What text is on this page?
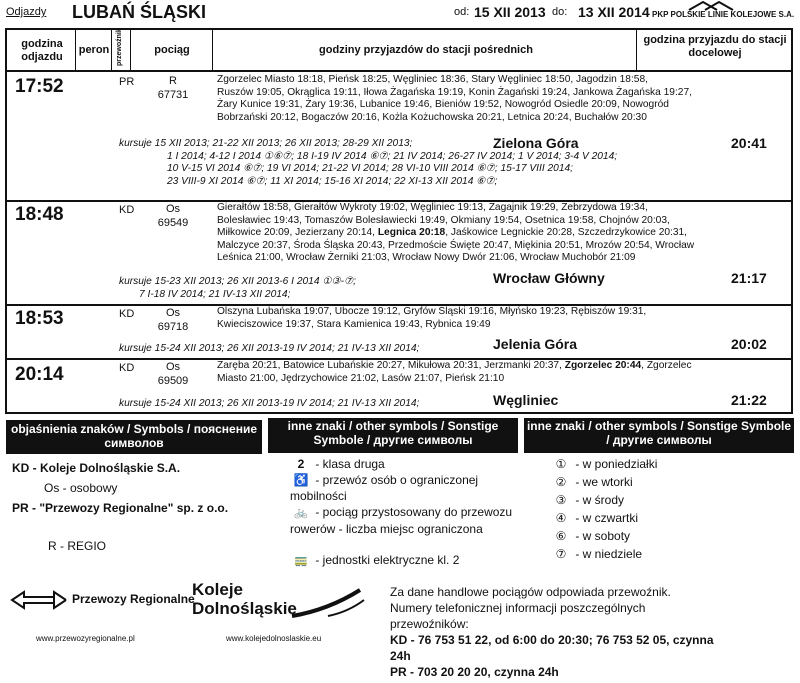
Odjazdy LUBAŃ ŚLĄSKI	od: 15 XII 2013 do: 13 XII 2014 PKP POLSKIE LINIE KOLEJOWE S.A.
godzina odjazdu
peron przewoźnik	pociąg	godziny przyjazdów do stacji pośrednich
godzina przyjazdu do stacji docelowej
17:52	PR	R
67731
Zgorzelec Miasto 18:18, Pieńsk 18:25, Węgliniec 18:36, Stary Węgliniec 18:50, Jagodzin 18:58,
Ruszów 19:05, Okrąglica 19:11, Iłowa Żagańska 19:19, Konin Żagański 19:24, Jankowa Żagańska 19:27,
Żary Kunice 19:31, Żary 19:36, Lubanice 19:46, Bieniów 19:52, Nowogród Osiedle 20:09, Nowogród
Bobrzański 20:12, Bogaczów 20:16, Kożla Kożuchowska 20:21, Letnica 20:24, Buchałów 20:30
kursuje 15 XII 2013; 21-22 XII 2013; 26 XII 2013; 28-29 XII 2013;
1 I 2014; 4-12 I 2014 ①⑥⑦; 18 I-19 IV 2014 ⑥⑦; 21 IV 2014; 26-27 IV 2014; 1 V 2014; 3-4 V 2014;
10 V-15 VI 2014 ⑥⑦; 19 VI 2014; 21-22 VI 2014; 28 VI-10 VIII 2014 ⑥⑦; 15-17 VIII 2014;
23 VIII-9 XI 2014 ⑥⑦; 11 XI 2014; 15-16 XI 2014; 22 XI-13 XII 2014 ⑥⑦;
Zielona Góra	20:41
18:48	KD	Os
69549
Gierałtów 18:58, Gierałtów Wykroty 19:02, Węgliniec 19:13, Zagajnik 19:29, Zebrzydowa 19:34,
Bolesławiec 19:43, Tomaszów Bolesławiecki 19:49, Okmiany 19:54, Osetnica 19:58, Chojnów 20:03,
Miłkowice 20:09, Jezierzany 20:14, Legnica 20:18, Jaśkowice Legnickie 20:28, Szczedrzykowice 20:31,
Malczyce 20:37, Środa Śląska 20:43, Przedmoście Święte 20:47, Miękinia 20:51, Mrozów 20:54, Wrocław
Leśnica 21:00, Wrocław Żerniki 21:03, Wrocław Nowy Dwór 21:06, Wrocław Muchobór 21:09
kursuje 15-23 XII 2013; 26 XII 2013-6 I 2014 ①③-⑦;
7 I-18 IV 2014; 21 IV-13 XII 2014;
Wrocław Główny	21:17
18:53	KD	Os
69718
Olszyna Lubańska 19:07, Ubocze 19:12, Gryfów Śląski 19:16, Młyńsko 19:23, Rębiszów 19:31,
Kwieciszowice 19:37, Stara Kamienica 19:43, Rybnica 19:49
kursuje 15-24 XII 2013; 26 XII 2013-19 IV 2014; 21 IV-13 XII 2014;	Jelenia Góra	20:02
20:14	KD	Os
69509
Zaręba 20:21, Batowice Lubańskie 20:27, Mikułowa 20:31, Jerzmanki 20:37, Zgorzelec 20:44, Zgorzelec
Miasto 21:00, Jędrzychowice 21:02, Lasów 21:07, Pieńsk 21:10
kursuje 15-24 XII 2013; 26 XII 2013-19 IV 2014; 21 IV-13 XII 2014;	Węgliniec	21:22
objaśnienia znaków / Symbols / пояснение символов
inne znaki / other symbols / Sonstige Symbole / другие символы
inne znaki / other symbols / Sonstige Symbole / другие символы
KD - Koleje Dolnośląskie S.A.
Os - osobowy
PR - "Przewozy Regionalne" sp. z o.o.
R - REGIO
2 - klasa druga
♿ - przewóz osób o ograniczonej mobilności
🚲 - pociąg przystosowany do przewozu rowerów - liczba miejsc ograniczona
🚃 - jednostki elektryczne kl. 2
① - w poniedziałki
② - we wtorki
③ - w środy
④ - w czwartki
⑥ - w soboty
⑦ - w niedziele
Przewozy Regionalne
Koleje
Dolnośląskie
www.przewozyregionalne.pl	www.kolejedolnoslaskie.eu
Za dane handlowe pociągów odpowiada przewoźnik.
Numery telefonicznej informacji poszczególnych
przewoźników:
KD - 76 753 51 22, od 6:00 do 20:30; 76 753 52 05, czynna
24h
PR - 703 20 20 20, czynna 24h
